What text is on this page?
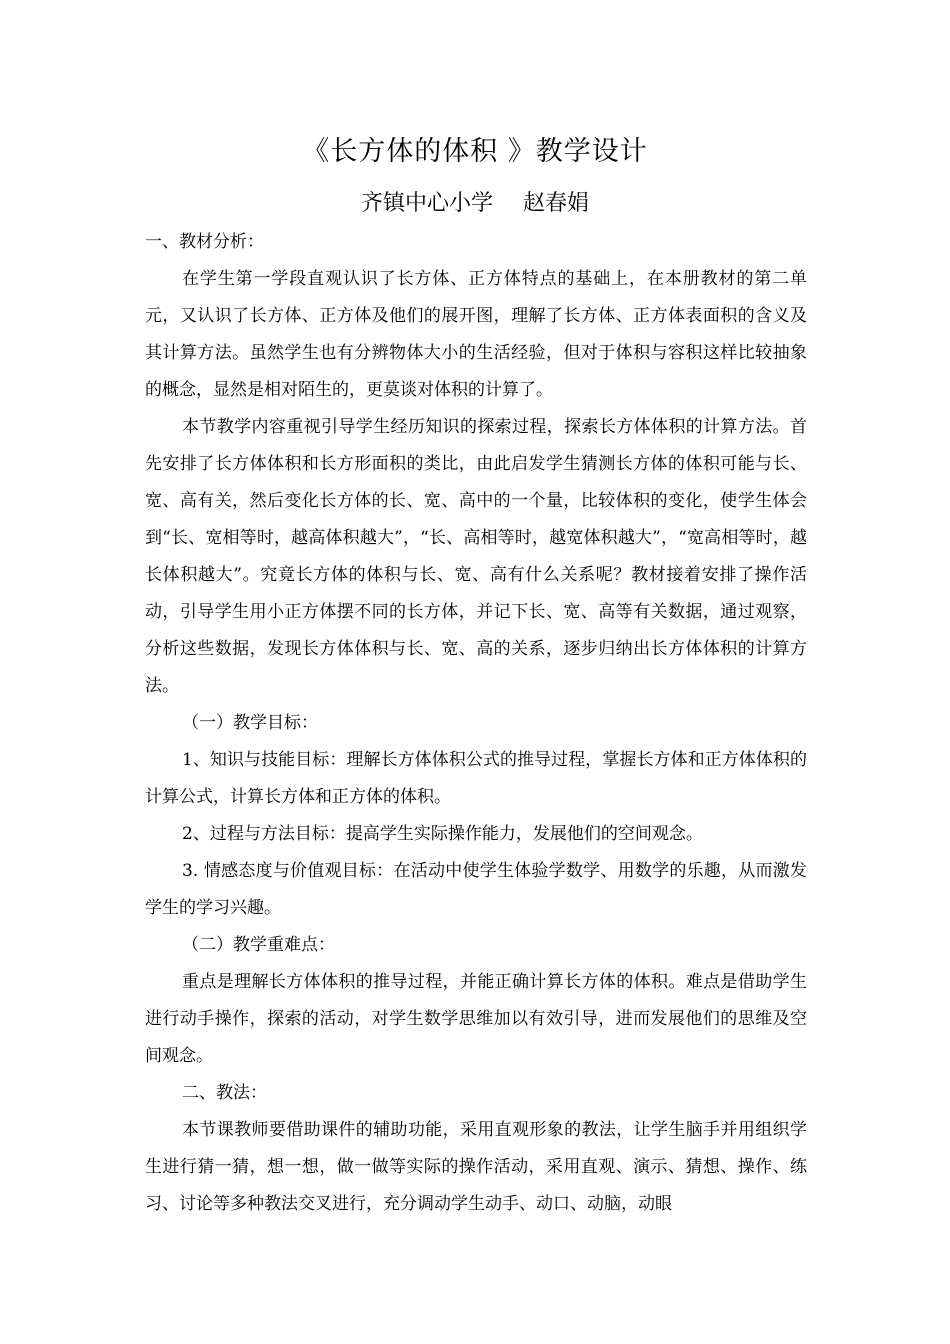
《长方体的体积 》教学设计
齐镇中心小学 赵春娟

一、教材分析：

在学生第一学段直观认识了长方体、正方体特点的基础上，在本册教材的第二单元，又认识了长方体、正方体及他们的展开图，理解了长方体、正方体表面积的含义及其计算方法。虽然学生也有分辨物体大小的生活经验，但对于体积与容积这样比较抽象的概念，显然是相对陌生的，更莫谈对体积的计算了。

本节教学内容重视引导学生经历知识的探索过程，探索长方体体积的计算方法。首先安排了长方体体积和长方形面积的类比，由此启发学生猜测长方体的体积可能与长、宽、高有关，然后变化长方体的长、宽、高中的一个量，比较体积的变化，使学生体会到“长、宽相等时，越高体积越大”，“长、高相等时，越宽体积越大”，“宽高相等时，越长体积越大”。究竟长方体的体积与长、宽、高有什么关系呢？教材接着安排了操作活动，引导学生用小正方体摆不同的长方体，并记下长、宽、高等有关数据，通过观察，分析这些数据，发现长方体体积与长、宽、高的关系，逐步归纳出长方体体积的计算方法。

（一）教学目标：

1、知识与技能目标：理解长方体体积公式的推导过程，掌握长方体和正方体体积的计算公式，计算长方体和正方体的体积。

2、过程与方法目标：提高学生实际操作能力，发展他们的空间观念。

3. 情感态度与价值观目标：在活动中使学生体验学数学、用数学的乐趣，从而激发学生的学习兴趣。

（二）教学重难点：

重点是理解长方体体积的推导过程，并能正确计算长方体的体积。难点是借助学生进行动手操作，探索的活动，对学生数学思维加以有效引导，进而发展他们的思维及空间观念。

二、教法：

本节课教师要借助课件的辅助功能，采用直观形象的教法，让学生脑手并用组织学　生进行猜一猜，想一想，做一做等实际的操作活动，采用直观、演示、猜想、操作、练习、讨论等多种教法交叉进行，充分调动学生动手、动口、动脑，动眼
